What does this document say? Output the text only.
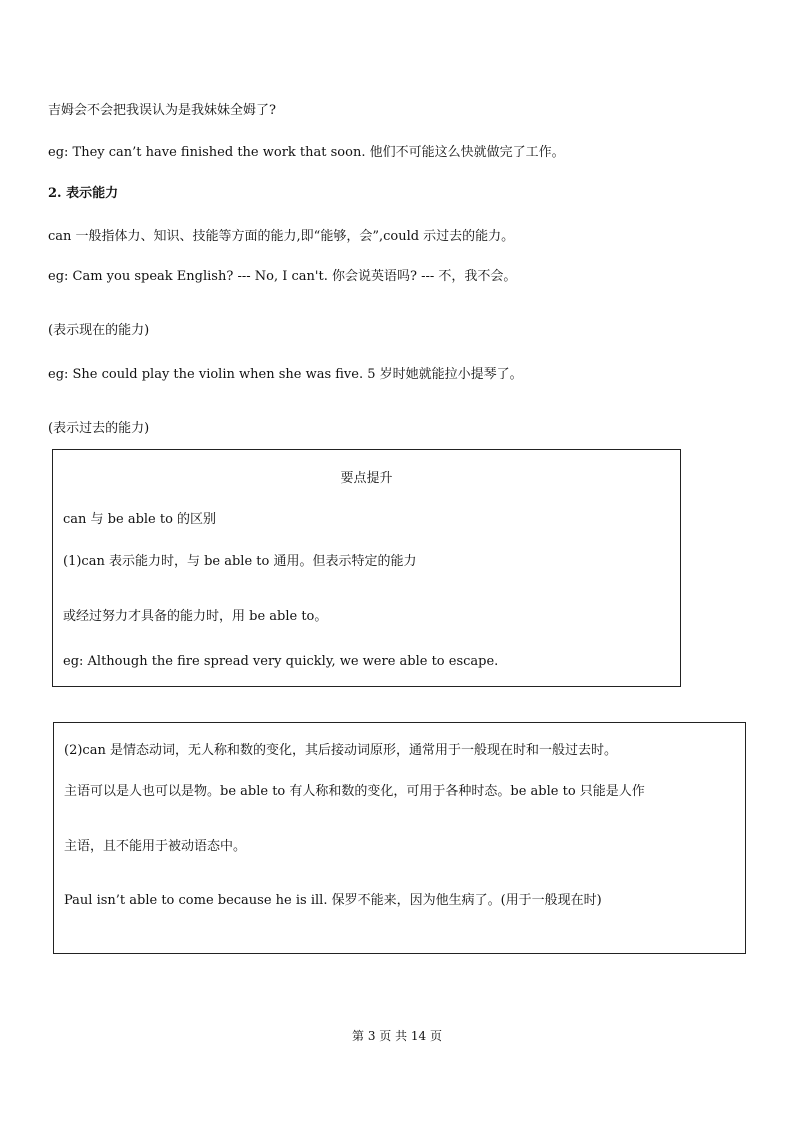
吉姆会不会把我误认为是我妹妹全姆了?
eg: They can’t have finished the work that soon. 他们不可能这么快就做完了工作。
2. 表示能力
can 一般指体力、知识、技能等方面的能力,即“能够，会”,could 示过去的能力。
eg: Cam you speak English? --- No, I can't. 你会说英语吗? --- 不，我不会。
(表示现在的能力)
eg: She could play the violin when she was five. 5 岁时她就能拉小提琴了。
(表示过去的能力)
要点提升
can 与 be able to 的区别
(1)can 表示能力时，与 be able to 通用。但表示特定的能力
或经过努力才具备的能力时，用 be able to。
eg: Although the fire spread very quickly, we were able to escape.
(2)can 是情态动词，无人称和数的变化，其后接动词原形，通常用于一般现在时和一般过去时。
主语可以是人也可以是物。be able to 有人称和数的变化，可用于各种时态。be able to 只能是人作
主语，且不能用于被动语态中。
Paul isn’t able to come because he is ill. 保罗不能来，因为他生病了。(用于一般现在时)
第 3 页 共 14 页
